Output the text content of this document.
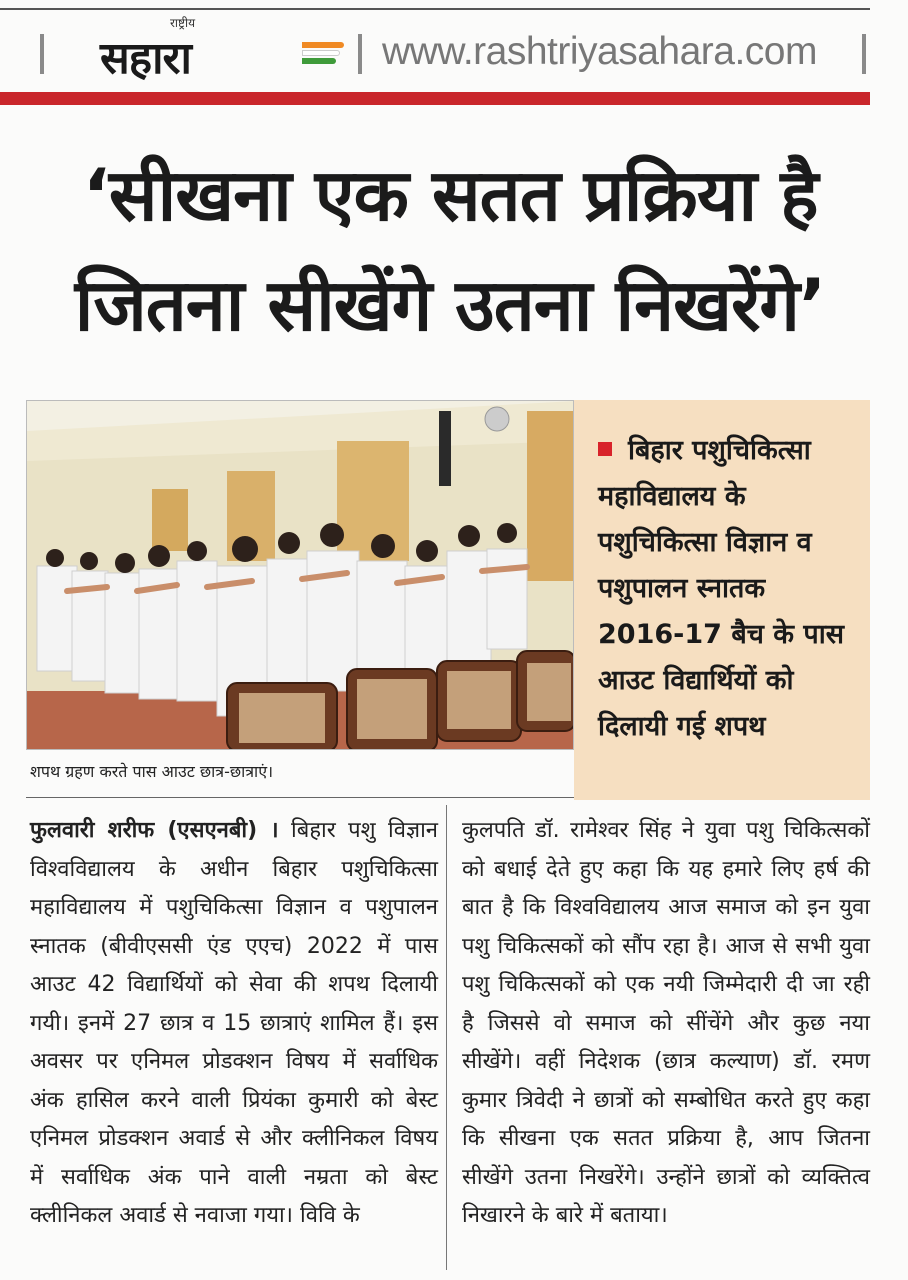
राष्ट्रीय
सहारा	www.rashtriyasahara.com
‘सीखना एक सतत प्रक्रिया है
जितना सीखेंगे उतना निखरेंगे’

बिहार पशुचिकित्सा महाविद्यालय के पशुचिकित्सा विज्ञान व पशुपालन स्नातक 2016-17 बैच के पास आउट विद्यार्थियों को दिलायी गई शपथ

शपथ ग्रहण करते पास आउट छात्र-छात्राएं।
फुलवारी शरीफ (एसएनबी) । बिहार पशु विज्ञान विश्वविद्यालय के अधीन बिहार पशुचिकित्सा महाविद्यालय में पशुचिकित्सा विज्ञान व पशुपालन स्नातक (बीवीएससी एंड एएच) 2022 में पास आउट 42 विद्यार्थियों को सेवा की शपथ दिलायी गयी। इनमें 27 छात्र व 15 छात्राएं शामिल हैं। इस अवसर पर एनिमल प्रोडक्शन विषय में सर्वाधिक अंक हासिल करने वाली प्रियंका कुमारी को बेस्ट एनिमल प्रोडक्शन अवार्ड से और क्लीनिकल विषय में सर्वाधिक अंक पाने वाली नम्रता को बेस्ट क्लीनिकल अवार्ड से नवाजा गया। विवि के
कुलपति डॉ. रामेश्वर सिंह ने युवा पशु चिकित्सकों को बधाई देते हुए कहा कि यह हमारे लिए हर्ष की बात है कि विश्वविद्यालय आज समाज को इन युवा पशु चिकित्सकों को सौंप रहा है। आज से सभी युवा पशु चिकित्सकों को एक नयी जिम्मेदारी दी जा रही है जिससे वो समाज को सींचेंगे और कुछ नया सीखेंगे। वहीं निदेशक (छात्र कल्याण) डॉ. रमण कुमार त्रिवेदी ने छात्रों को सम्बोधित करते हुए कहा कि सीखना एक सतत प्रक्रिया है, आप जितना सीखेंगे उतना निखरेंगे। उन्होंने छात्रों को व्यक्तित्व निखारने के बारे में बताया।
